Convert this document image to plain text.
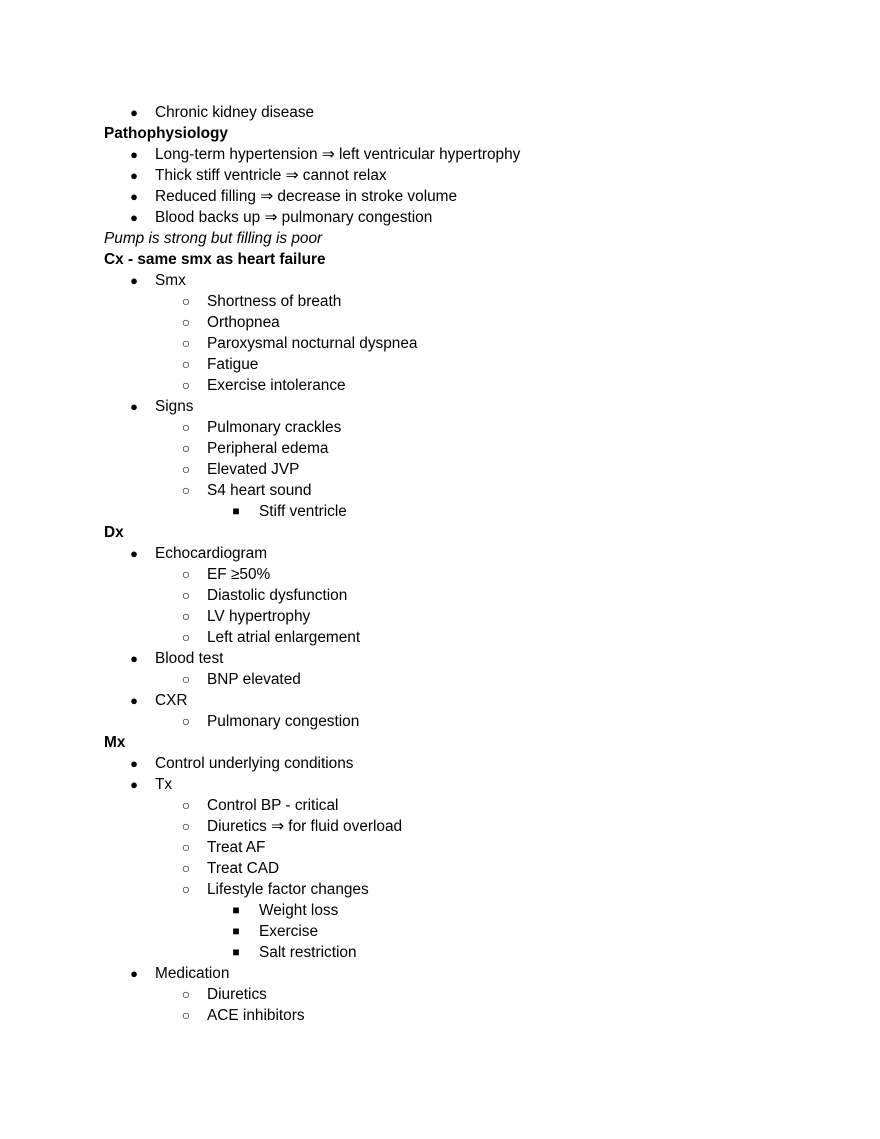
● Chronic kidney disease
Pathophysiology
● Long-term hypertension ⇒ left ventricular hypertrophy
● Thick stiff ventricle ⇒ cannot relax
● Reduced filling ⇒ decrease in stroke volume
● Blood backs up ⇒ pulmonary congestion
Pump is strong but filling is poor
Cx - same smx as heart failure
● Smx
○ Shortness of breath
○ Orthopnea
○ Paroxysmal nocturnal dyspnea
○ Fatigue
○ Exercise intolerance
● Signs
○ Pulmonary crackles
○ Peripheral edema
○ Elevated JVP
○ S4 heart sound
■ Stiff ventricle
Dx
● Echocardiogram
○ EF ≥50%
○ Diastolic dysfunction
○ LV hypertrophy
○ Left atrial enlargement
● Blood test
○ BNP elevated
● CXR
○ Pulmonary congestion
Mx
● Control underlying conditions
● Tx
○ Control BP - critical
○ Diuretics ⇒ for fluid overload
○ Treat AF
○ Treat CAD
○ Lifestyle factor changes
■ Weight loss
■ Exercise
■ Salt restriction
● Medication
○ Diuretics
○ ACE inhibitors
